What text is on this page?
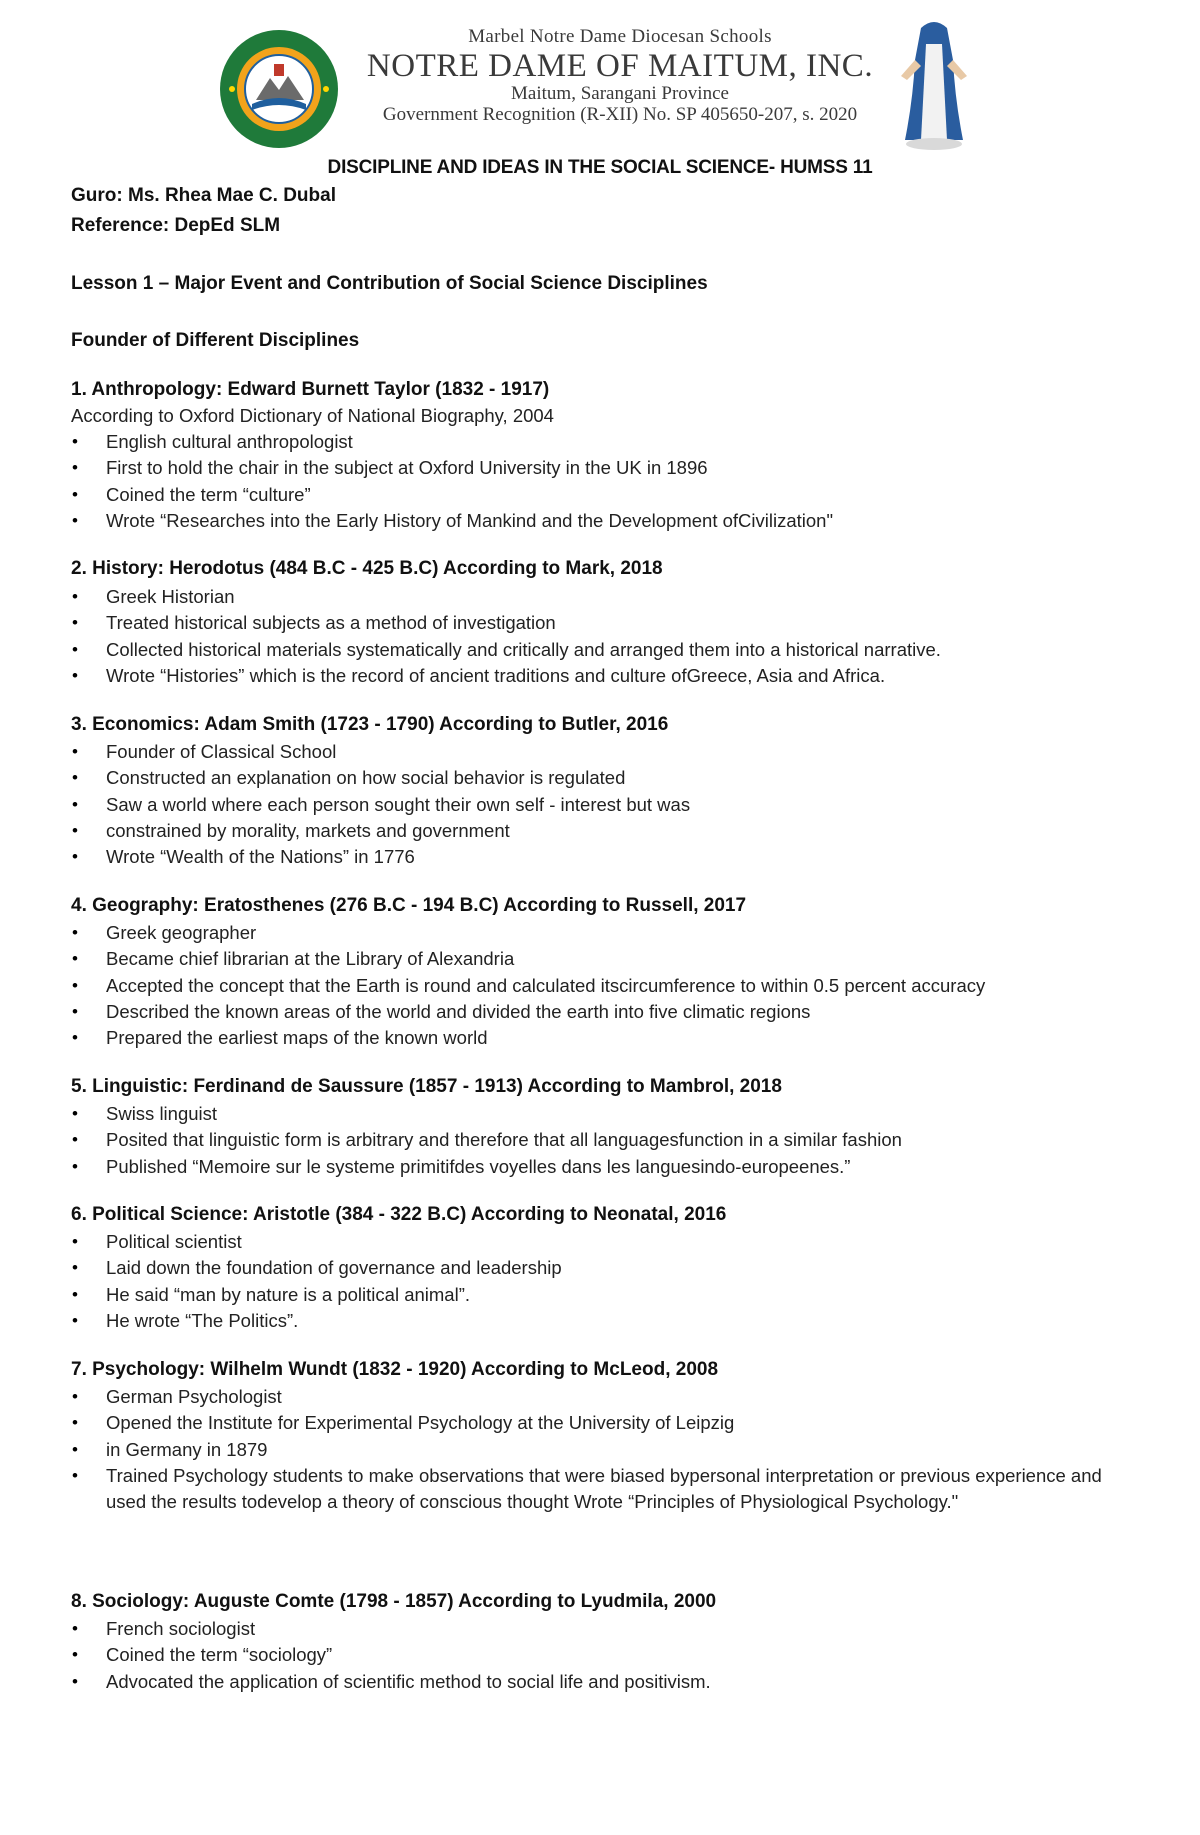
Marbel Notre Dame Diocesan Schools
NOTRE DAME OF MAITUM, INC.
Maitum, Sarangani Province
Government Recognition (R-XII) No. SP 405650-207, s. 2020
DISCIPLINE AND IDEAS IN THE SOCIAL SCIENCE- HUMSS 11
Guro: Ms. Rhea Mae C. Dubal
Reference: DepEd SLM
Lesson 1 – Major Event and Contribution of Social Science Disciplines
Founder of Different Disciplines
1. Anthropology: Edward Burnett Taylor (1832 - 1917)
According to Oxford Dictionary of National Biography, 2004
• English cultural anthropologist
• First to hold the chair in the subject at Oxford University in the UK in 1896
• Coined the term “culture”
• Wrote “Researches into the Early History of Mankind and the Development ofCivilization"
2. History: Herodotus (484 B.C - 425 B.C) According to Mark, 2018
• Greek Historian
• Treated historical subjects as a method of investigation
• Collected historical materials systematically and critically and arranged them into a historical narrative.
• Wrote “Histories” which is the record of ancient traditions and culture ofGreece, Asia and Africa.
3. Economics: Adam Smith (1723 - 1790) According to Butler, 2016
• Founder of Classical School
• Constructed an explanation on how social behavior is regulated
• Saw a world where each person sought their own self - interest but was
• constrained by morality, markets and government
• Wrote “Wealth of the Nations” in 1776
4. Geography: Eratosthenes (276 B.C - 194 B.C) According to Russell, 2017
• Greek geographer
• Became chief librarian at the Library of Alexandria
• Accepted the concept that the Earth is round and calculated itscircumference to within 0.5 percent accuracy
• Described the known areas of the world and divided the earth into five climatic regions
• Prepared the earliest maps of the known world
5. Linguistic: Ferdinand de Saussure (1857 - 1913) According to Mambrol, 2018
• Swiss linguist
• Posited that linguistic form is arbitrary and therefore that all languagesfunction in a similar fashion
• Published “Memoire sur le systeme primitifdes voyelles dans les languesindo-europeenes.”
6. Political Science: Aristotle (384 - 322 B.C) According to Neonatal, 2016
• Political scientist
• Laid down the foundation of governance and leadership
• He said “man by nature is a political animal”.
• He wrote “The Politics”.
7. Psychology: Wilhelm Wundt (1832 - 1920) According to McLeod, 2008
• German Psychologist
• Opened the Institute for Experimental Psychology at the University of Leipzig
• in Germany in 1879
• Trained Psychology students to make observations that were biased bypersonal interpretation or previous experience and used the results todevelop a theory of conscious thought Wrote “Principles of Physiological Psychology."
8. Sociology: Auguste Comte (1798 - 1857) According to Lyudmila, 2000
• French sociologist
• Coined the term “sociology”
• Advocated the application of scientific method to social life and positivism.
